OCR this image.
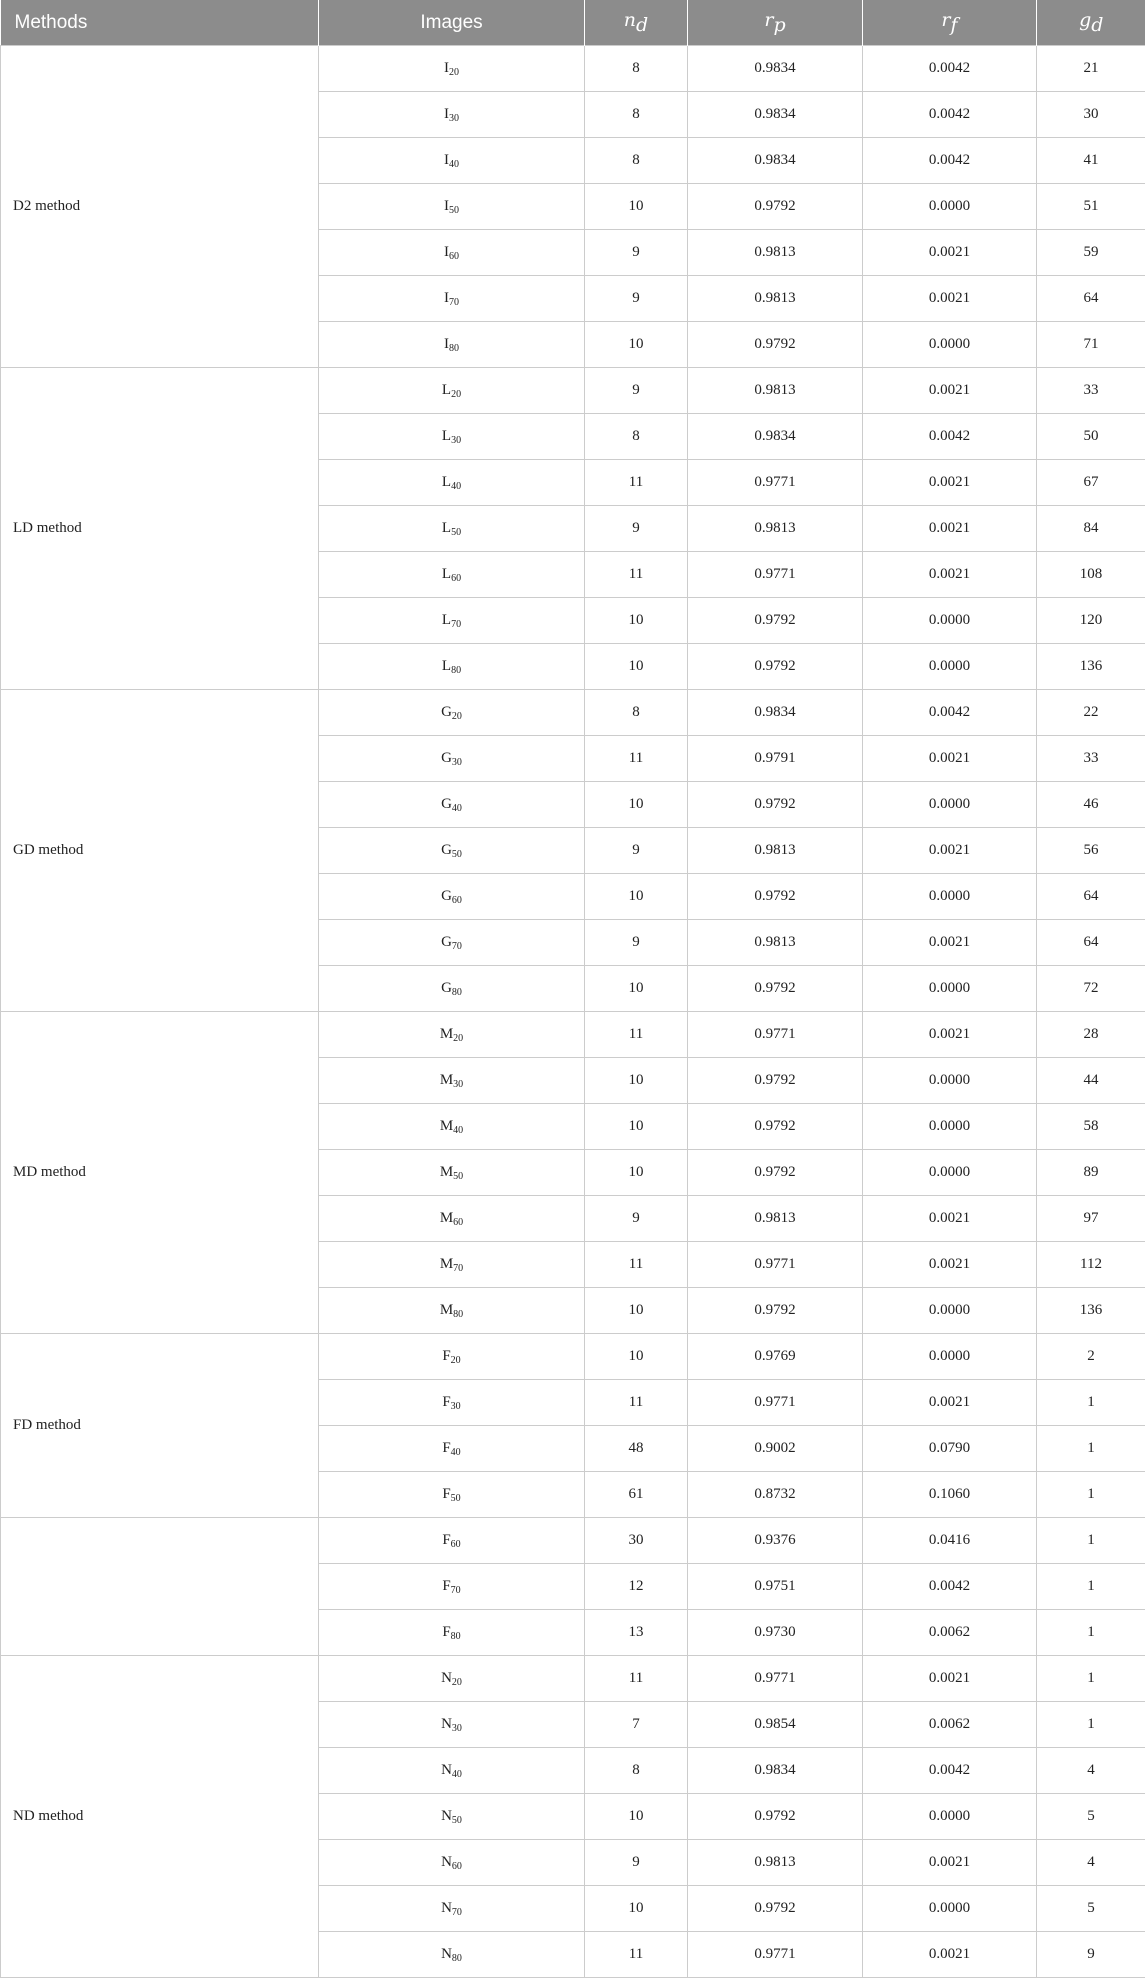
Methods	Images	$n_d$	$r_p$	$r_f$	$g_d$
D2 method	$I_{20}$	8	0.9834	0.0042	21
	$I_{30}$	8	0.9834	0.0042	30
	$I_{40}$	8	0.9834	0.0042	41
	$I_{50}$	10	0.9792	0.0000	51
	$I_{60}$	9	0.9813	0.0021	59
	$I_{70}$	9	0.9813	0.0021	64
	$I_{80}$	10	0.9792	0.0000	71
LD method	$L_{20}$	9	0.9813	0.0021	33
	$L_{30}$	8	0.9834	0.0042	50
	$L_{40}$	11	0.9771	0.0021	67
	$L_{50}$	9	0.9813	0.0021	84
	$L_{60}$	11	0.9771	0.0021	108
	$L_{70}$	10	0.9792	0.0000	120
	$L_{80}$	10	0.9792	0.0000	136
GD method	$G_{20}$	8	0.9834	0.0042	22
	$G_{30}$	11	0.9791	0.0021	33
	$G_{40}$	10	0.9792	0.0000	46
	$G_{50}$	9	0.9813	0.0021	56
	$G_{60}$	10	0.9792	0.0000	64
	$G_{70}$	9	0.9813	0.0021	64
	$G_{80}$	10	0.9792	0.0000	72
MD method	$M_{20}$	11	0.9771	0.0021	28
	$M_{30}$	10	0.9792	0.0000	44
	$M_{40}$	10	0.9792	0.0000	58
	$M_{50}$	10	0.9792	0.0000	89
	$M_{60}$	9	0.9813	0.0021	97
	$M_{70}$	11	0.9771	0.0021	112
	$M_{80}$	10	0.9792	0.0000	136
FD method	$F_{20}$	10	0.9769	0.0000	2
	$F_{30}$	11	0.9771	0.0021	1
	$F_{40}$	48	0.9002	0.0790	1
	$F_{50}$	61	0.8732	0.1060	1
	$F_{60}$	30	0.9376	0.0416	1
	$F_{70}$	12	0.9751	0.0042	1
	$F_{80}$	13	0.9730	0.0062	1
ND method	$N_{20}$	11	0.9771	0.0021	1
	$N_{30}$	7	0.9854	0.0062	1
	$N_{40}$	8	0.9834	0.0042	4
	$N_{50}$	10	0.9792	0.0000	5
	$N_{60}$	9	0.9813	0.0021	4
	$N_{70}$	10	0.9792	0.0000	5
	$N_{80}$	11	0.9771	0.0021	9
